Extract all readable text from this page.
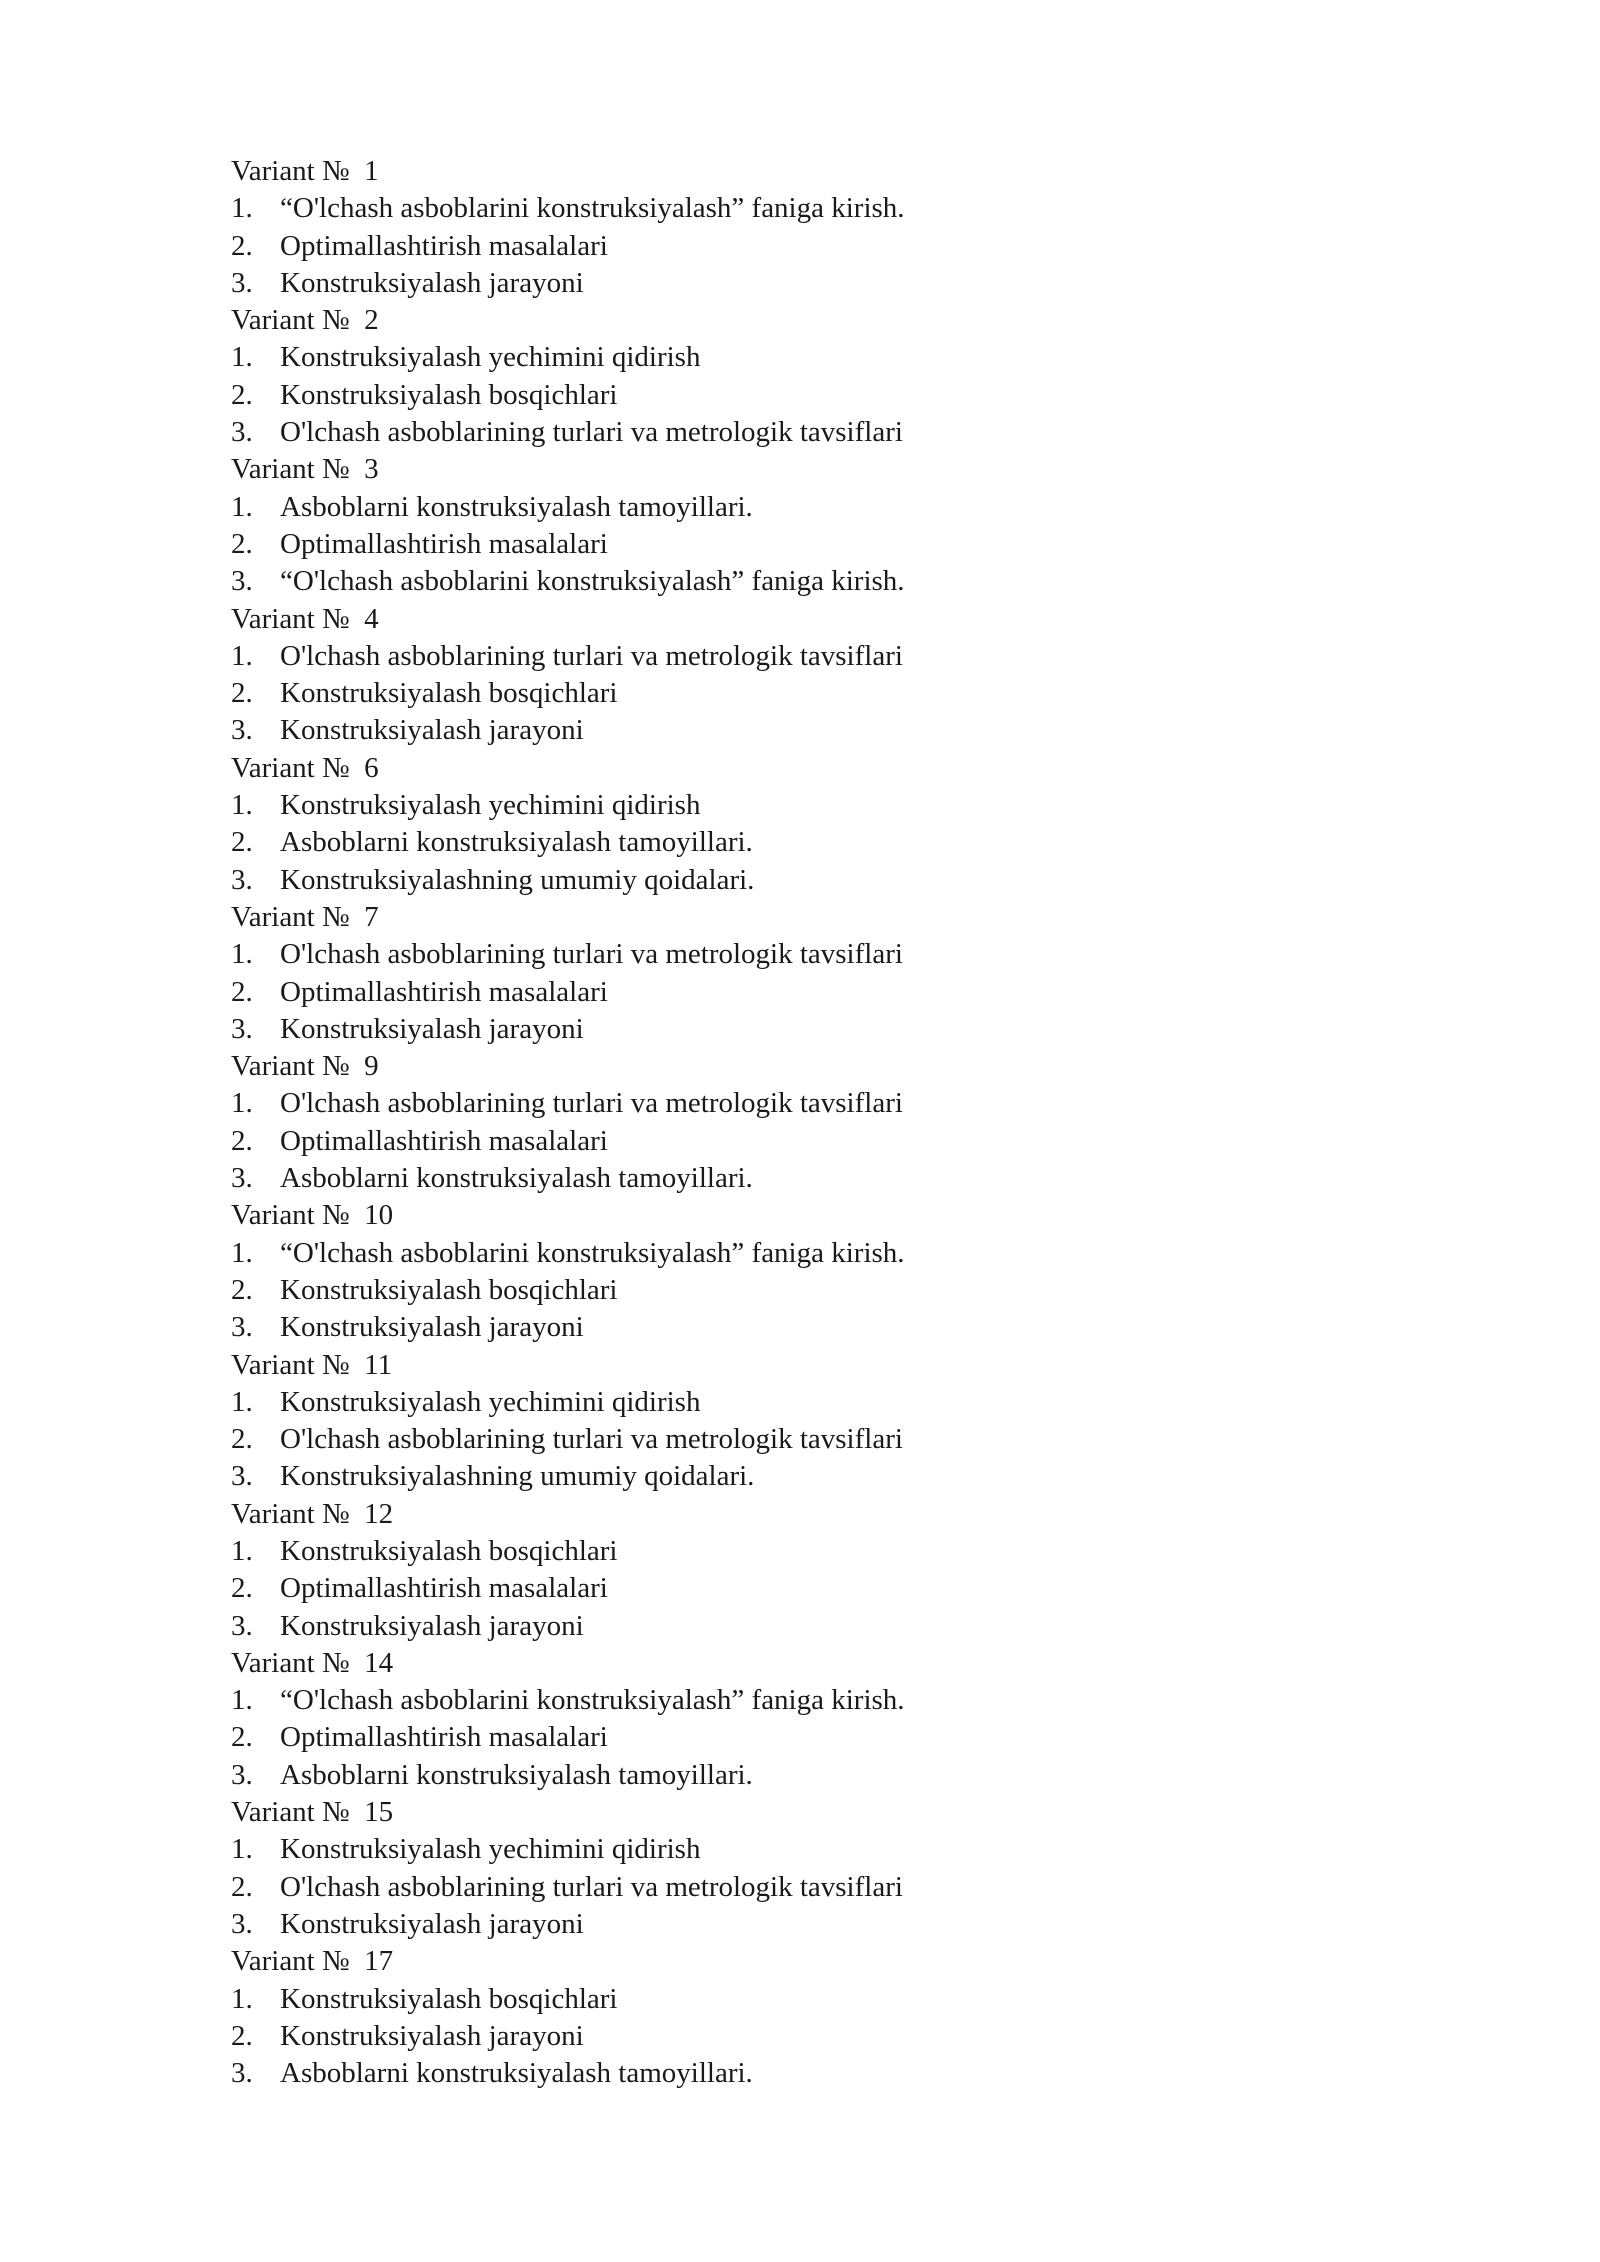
Variant № 1
1. “O'lchash asboblarini konstruksiyalash” faniga kirish.
2. Optimallashtirish masalalari
3. Konstruksiyalash jarayoni
Variant № 2
1. Konstruksiyalash yechimini qidirish
2. Konstruksiyalash bosqichlari
3. O'lchash asboblarining turlari va metrologik tavsiflari
Variant № 3
1. Asboblarni konstruksiyalash tamoyillari.
2. Optimallashtirish masalalari
3. “O'lchash asboblarini konstruksiyalash” faniga kirish.
Variant № 4
1. O'lchash asboblarining turlari va metrologik tavsiflari
2. Konstruksiyalash bosqichlari
3. Konstruksiyalash jarayoni
Variant № 6
1. Konstruksiyalash yechimini qidirish
2. Asboblarni konstruksiyalash tamoyillari.
3. Konstruksiyalashning umumiy qoidalari.
Variant № 7
1. O'lchash asboblarining turlari va metrologik tavsiflari
2. Optimallashtirish masalalari
3. Konstruksiyalash jarayoni
Variant № 9
1. O'lchash asboblarining turlari va metrologik tavsiflari
2. Optimallashtirish masalalari
3. Asboblarni konstruksiyalash tamoyillari.
Variant № 10
1. “O'lchash asboblarini konstruksiyalash” faniga kirish.
2. Konstruksiyalash bosqichlari
3. Konstruksiyalash jarayoni
Variant № 11
1. Konstruksiyalash yechimini qidirish
2. O'lchash asboblarining turlari va metrologik tavsiflari
3. Konstruksiyalashning umumiy qoidalari.
Variant № 12
1. Konstruksiyalash bosqichlari
2. Optimallashtirish masalalari
3. Konstruksiyalash jarayoni
Variant № 14
1. “O'lchash asboblarini konstruksiyalash” faniga kirish.
2. Optimallashtirish masalalari
3. Asboblarni konstruksiyalash tamoyillari.
Variant № 15
1. Konstruksiyalash yechimini qidirish
2. O'lchash asboblarining turlari va metrologik tavsiflari
3. Konstruksiyalash jarayoni
Variant № 17
1. Konstruksiyalash bosqichlari
2. Konstruksiyalash jarayoni
3. Asboblarni konstruksiyalash tamoyillari.
